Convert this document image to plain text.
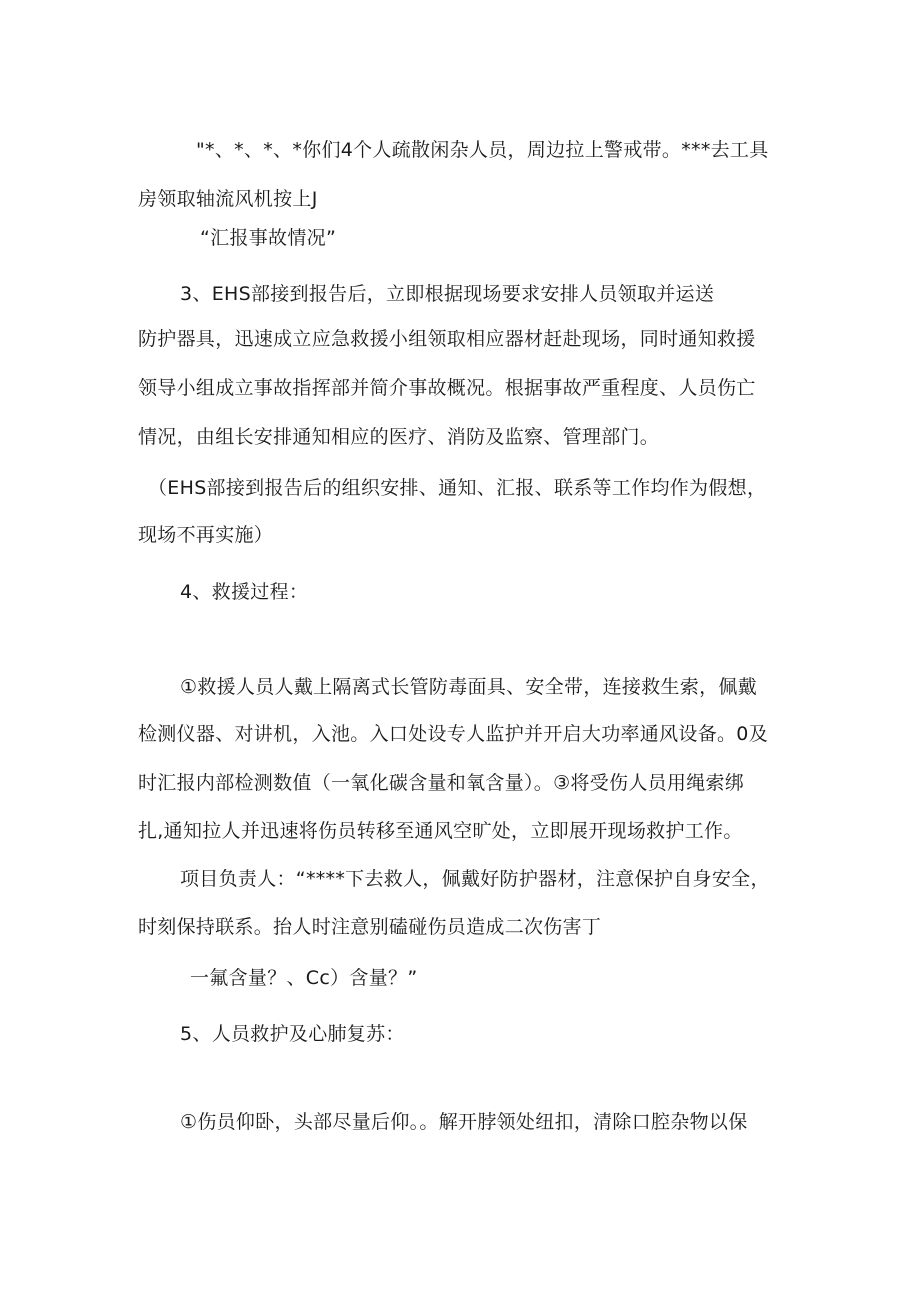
"*、*、*、*你们4个人疏散闲杂人员，周边拉上警戒带。***去工具
房领取轴流风机按上J
“汇报事故情况”
3、EHS部接到报告后，立即根据现场要求安排人员领取并运送
防护器具，迅速成立应急救援小组领取相应器材赶赴现场，同时通知救援
领导小组成立事故指挥部并简介事故概况。根据事故严重程度、人员伤亡
情况，由组长安排通知相应的医疗、消防及监察、管理部门。
（EHS部接到报告后的组织安排、通知、汇报、联系等工作均作为假想，
现场不再实施）
4、救援过程：
①救援人员人戴上隔离式长管防毒面具、安全带，连接救生索，佩戴
检测仪器、对讲机，入池。入口处设专人监护并开启大功率通风设备。0及
时汇报内部检测数值（一氧化碳含量和氧含量）。③将受伤人员用绳索绑
扎,通知拉人并迅速将伤员转移至通风空旷处，立即展开现场救护工作。
项目负责人：“****下去救人，佩戴好防护器材，注意保护自身安全，
时刻保持联系。抬人时注意别磕碰伤员造成二次伤害丁
一氟含量？、Cc）含量？”
5、人员救护及心肺复苏：
①伤员仰卧，头部尽量后仰。。解开脖领处纽扣，清除口腔杂物以保
